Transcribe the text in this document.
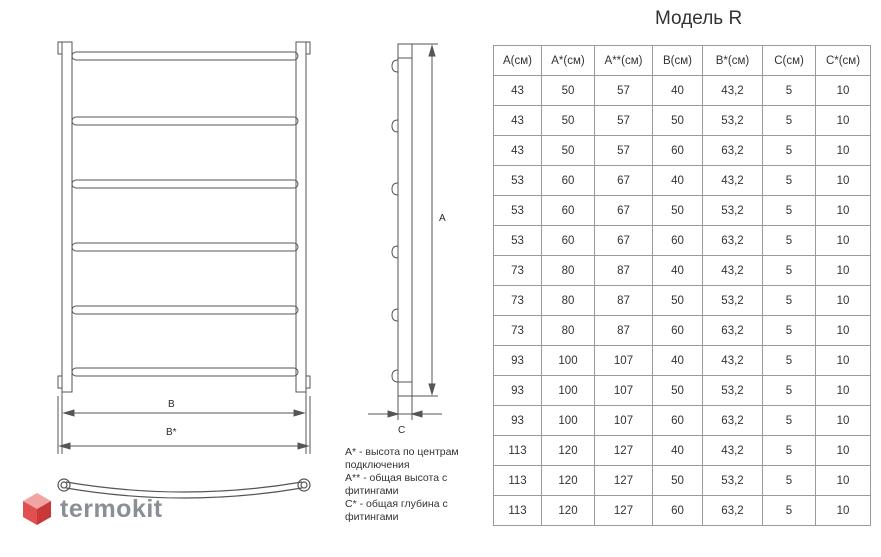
B
B*
A
C
A* - высота по центрам
подключения
A** - общая высота с
фитингами
C* - общая глубина с
фитингами
termokit
Модель R
A(см)	A*(см)	A**(см)	B(см)	B*(см)	C(см)	C*(см)
43	50	57	40	43,2	5	10
43	50	57	50	53,2	5	10
43	50	57	60	63,2	5	10
53	60	67	40	43,2	5	10
53	60	67	50	53,2	5	10
53	60	67	60	63,2	5	10
73	80	87	40	43,2	5	10
73	80	87	50	53,2	5	10
73	80	87	60	63,2	5	10
93	100	107	40	43,2	5	10
93	100	107	50	53,2	5	10
93	100	107	60	63,2	5	10
113	120	127	40	43,2	5	10
113	120	127	50	53,2	5	10
113	120	127	60	63,2	5	10
